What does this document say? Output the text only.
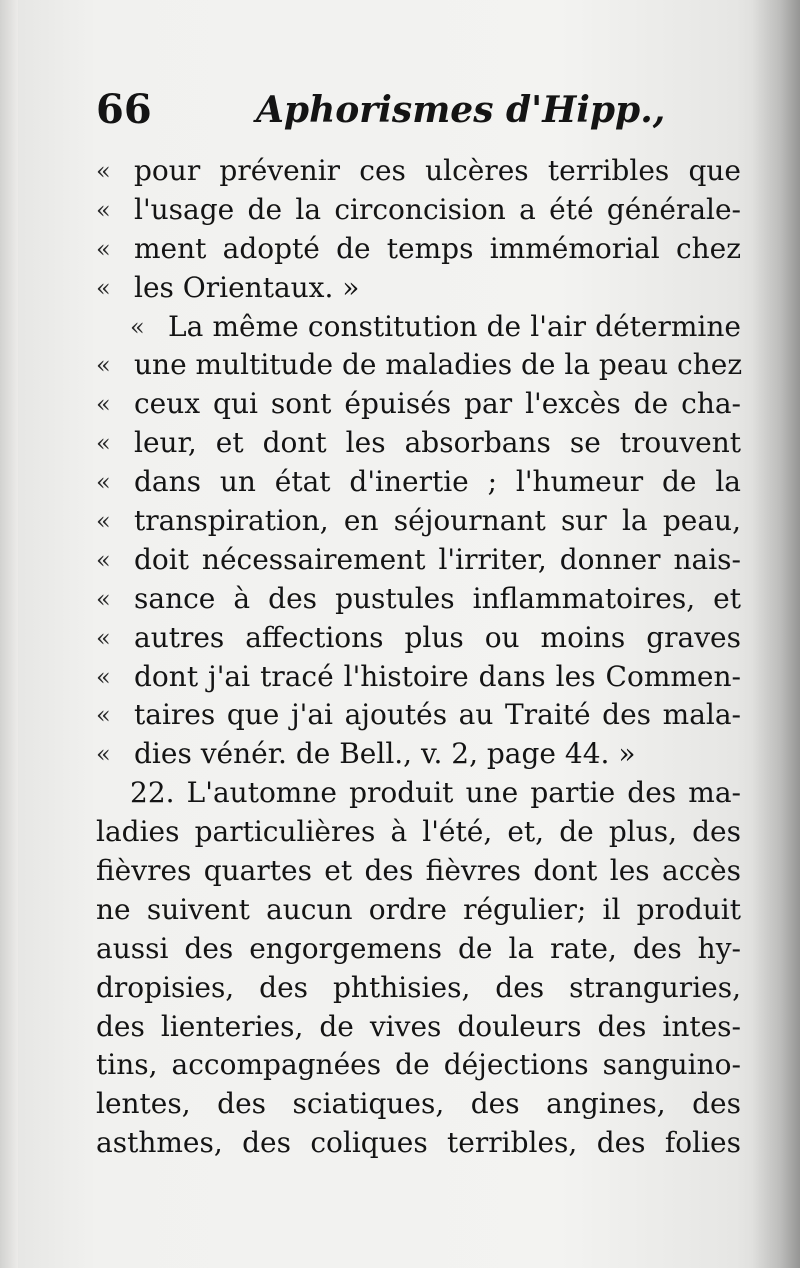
66	Aphorismes d'Hipp.,
« pour prévenir ces ulcères terribles que
« l'usage de la circoncision a été générale-
« ment adopté de temps immémorial chez
« les Orientaux. »
« La même constitution de l'air détermine
« une multitude de maladies de la peau chez
« ceux qui sont épuisés par l'excès de cha-
« leur, et dont les absorbans se trouvent
« dans un état d'inertie ; l'humeur de la
« transpiration, en séjournant sur la peau,
« doit nécessairement l'irriter, donner nais-
« sance à des pustules inflammatoires, et
« autres affections plus ou moins graves
« dont j'ai tracé l'histoire dans les Commen-
« taires que j'ai ajoutés au Traité des mala-
« dies vénér. de Bell., v. 2, page 44. »
22. L'automne produit une partie des ma-
ladies particulières à l'été, et, de plus, des
fièvres quartes et des fièvres dont les accès
ne suivent aucun ordre régulier; il produit
aussi des engorgemens de la rate, des hy-
dropisies, des phthisies, des stranguries,
des lienteries, de vives douleurs des intes-
tins, accompagnées de déjections sanguino-
lentes, des sciatiques, des angines, des
asthmes, des coliques terribles, des folies
